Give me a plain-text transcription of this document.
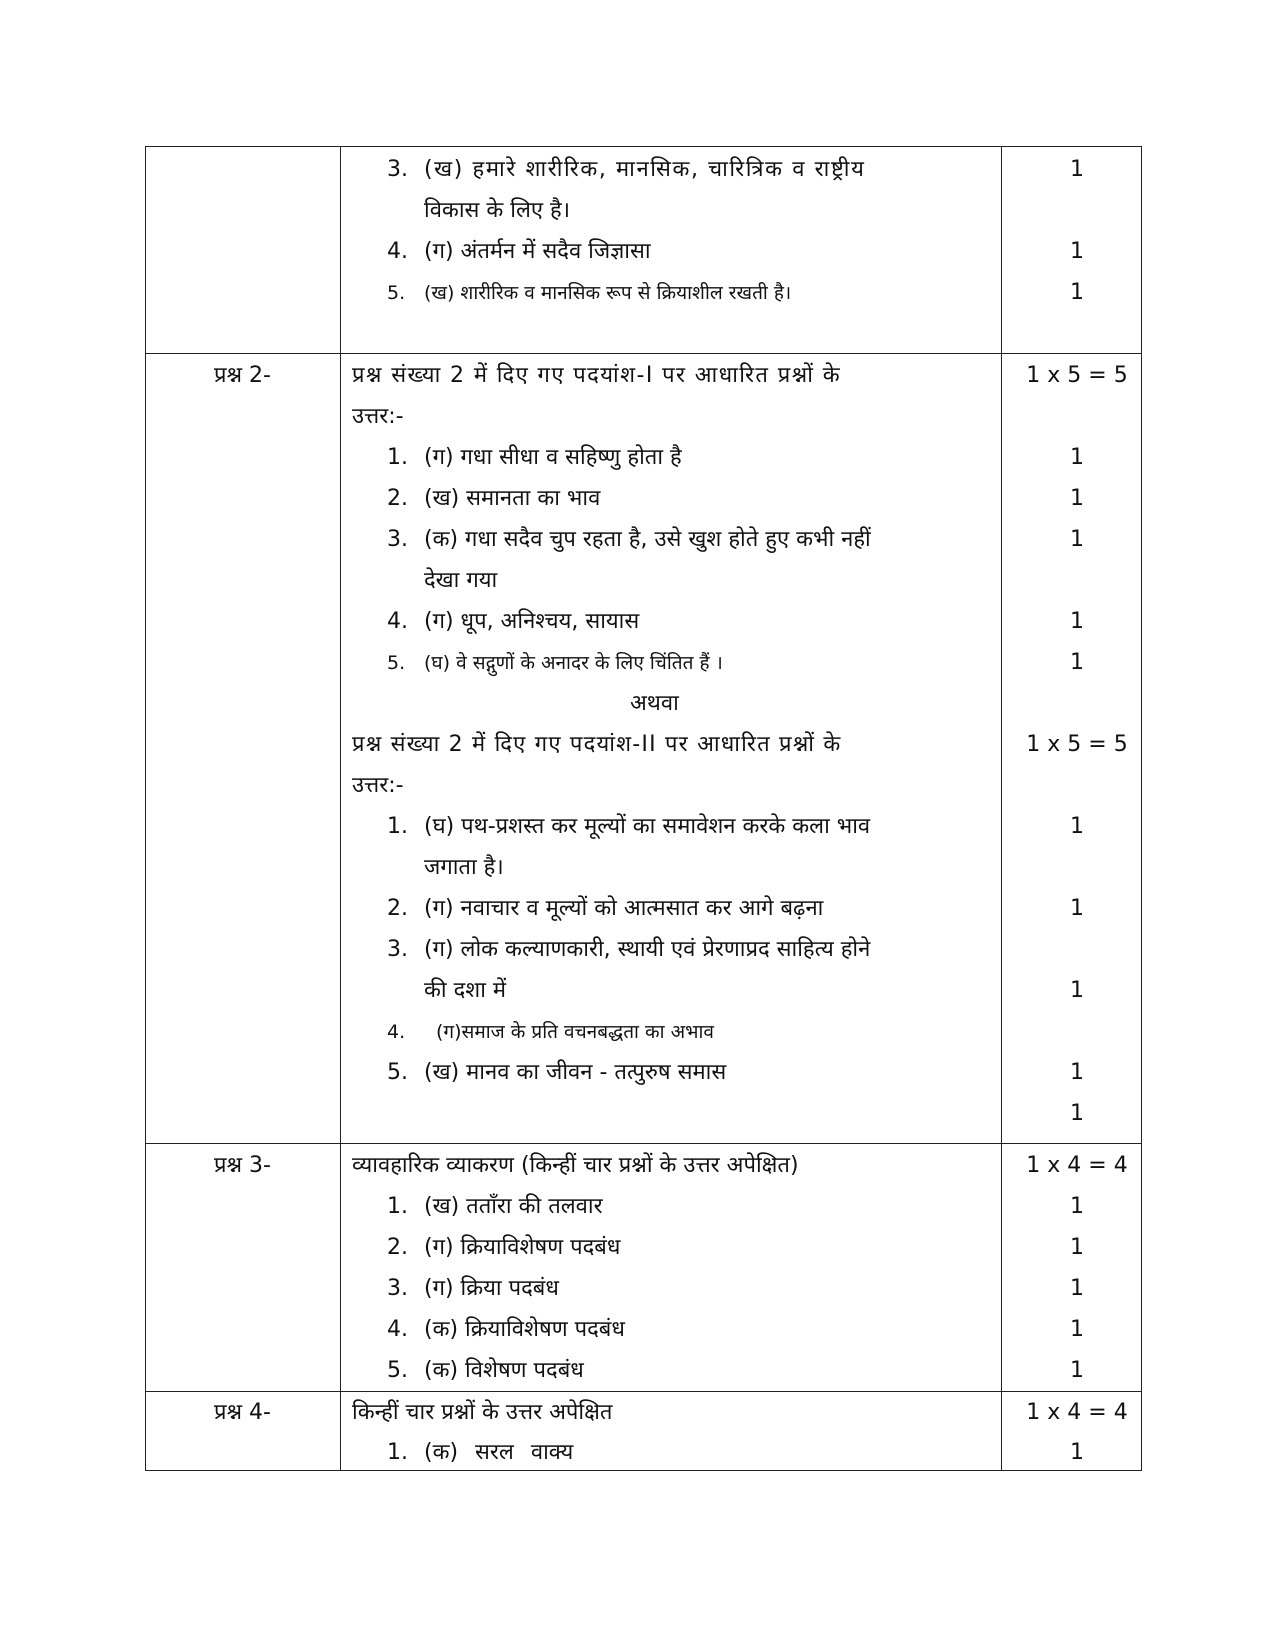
3. (ख) हमारे शारीरिक, मानसिक, चारित्रिक व राष्ट्रीय	1
विकास के लिए है।
4. (ग) अंतर्मन में सदैव जिज्ञासा	1
5. (ख) शारीरिक व मानसिक रूप से क्रियाशील रखती है।	1
प्रश्न 2-	प्रश्न संख्या 2 में दिए गए पदयांश-I पर आधारित प्रश्नों के	1 x 5 = 5
उत्तर:-
1. (ग) गधा सीधा व सहिष्णु होता है	1
2. (ख) समानता का भाव	1
3. (क) गधा सदैव चुप रहता है, उसे खुश होते हुए कभी नहीं	1
देखा गया
4. (ग) धूप, अनिश्चय, सायास	1
5. (घ) वे सद्गुणों के अनादर के लिए चिंतित हैं ।	1
अथवा
प्रश्न संख्या 2 में दिए गए पदयांश-II पर आधारित प्रश्नों के	1 x 5 = 5
उत्तर:-
1. (घ) पथ-प्रशस्त कर मूल्यों का समावेशन करके कला भाव	1
जगाता है।
2. (ग) नवाचार व मूल्यों को आत्मसात कर आगे बढ़ना	1
3. (ग) लोक कल्याणकारी, स्थायी एवं प्रेरणाप्रद साहित्य होने
की दशा में	1
4. (ग)समाज के प्रति वचनबद्धता का अभाव
5. (ख) मानव का जीवन - तत्पुरुष समास	1
1
प्रश्न 3-	व्यावहारिक व्याकरण (किन्हीं चार प्रश्नों के उत्तर अपेक्षित)	1 x 4 = 4
1. (ख) तताँरा की तलवार	1
2. (ग) क्रियाविशेषण पदबंध	1
3. (ग) क्रिया पदबंध	1
4. (क) क्रियाविशेषण पदबंध	1
5. (क) विशेषण पदबंध	1
प्रश्न 4-	किन्हीं चार प्रश्नों के उत्तर अपेक्षित	1 x 4 = 4
1. (क) सरल वाक्य	1
